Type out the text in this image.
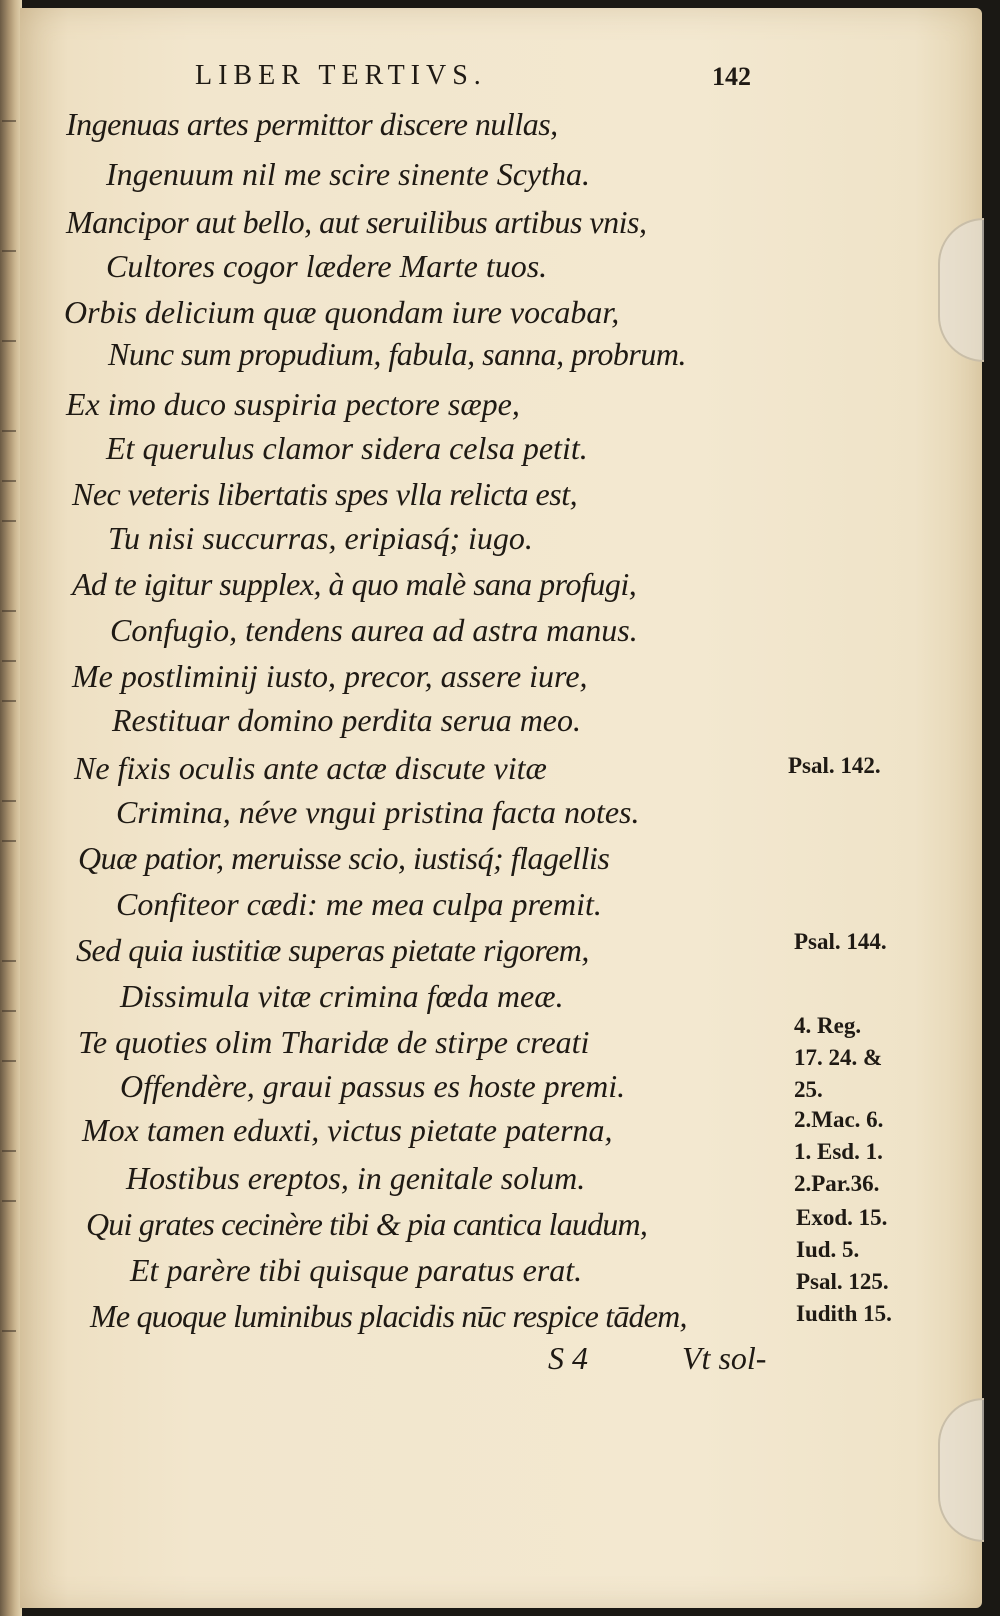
LIBER TERTIVS.	142
Ingenuas artes permittor discere nullas,
Ingenuum nil me scire sinente Scytha.
Mancipor aut bello, aut seruilibus artibus vnis,
Cultores cogor lædere Marte tuos.
Orbis delicium quæ quondam iure vocabar,
Nunc sum propudium, fabula, sanna, probrum.
Ex imo duco suspiria pectore sæpe,
Et querulus clamor sidera celsa petit.
Nec veteris libertatis spes vlla relicta est,
Tu nisi succurras, eripiasq́; iugo.
Ad te igitur supplex, à quo malè sana profugi,
Confugio, tendens aurea ad astra manus.
Me postliminij iusto, precor, assere iure,
Restituar domino perdita serua meo.
Ne fixis oculis ante actæ discute vitæ
Crimina, néve vngui pristina facta notes.
Quæ patior, meruisse scio, iustisq́; flagellis
Confiteor cædi: me mea culpa premit.
Sed quia iustitiæ superas pietate rigorem,
Dissimula vitæ crimina fœda meæ.
Te quoties olim Tharidæ de stirpe creati
Offendère, graui passus es hoste premi.
Mox tamen eduxti, victus pietate paterna,
Hostibus ereptos, in genitale solum.
Qui grates cecinère tibi & pia cantica laudum,
Et parère tibi quisque paratus erat.
Me quoque luminibus placidis nūc respice tādem,
Psal. 142.
Psal. 144.
4. Reg.
17. 24. &
25.
2.Mac. 6.
1. Esd. 1.
2.Par.36.
Exod. 15.
Iud. 5.
Psal. 125.
Iudith 15.
S 4	Vt sol-
